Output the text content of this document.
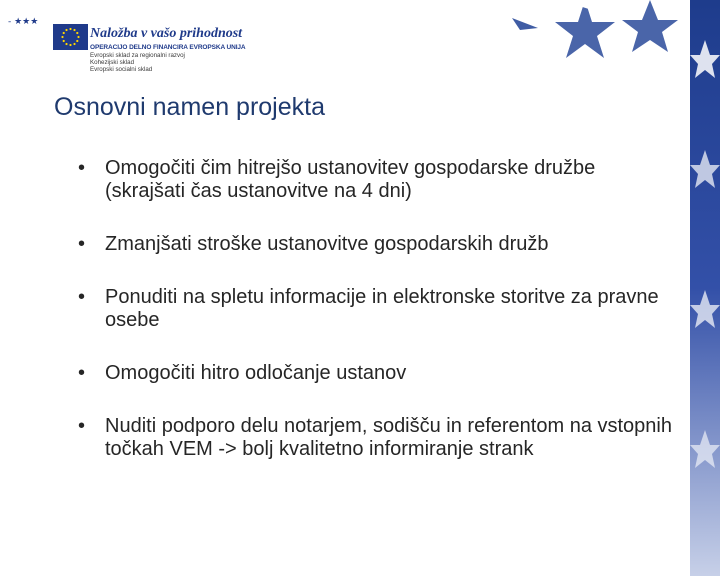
- ★★★
Naložba v vašo prihodnost
OPERACIJO DELNO FINANCIRA EVROPSKA UNIJA
Evropski sklad za regionalni razvoj
Kohezijski sklad
Evropski socialni sklad
Osnovni namen projekta
• Omogočiti čim hitrejšo ustanovitev gospodarske družbe (skrajšati čas ustanovitve na 4 dni)
• Zmanjšati stroške ustanovitve gospodarskih družb
• Ponuditi na spletu informacije in elektronske storitve za pravne osebe
• Omogočiti hitro odločanje ustanov
• Nuditi podporo delu notarjem, sodišču in referentom na vstopnih točkah VEM -> bolj kvalitetno informiranje strank
